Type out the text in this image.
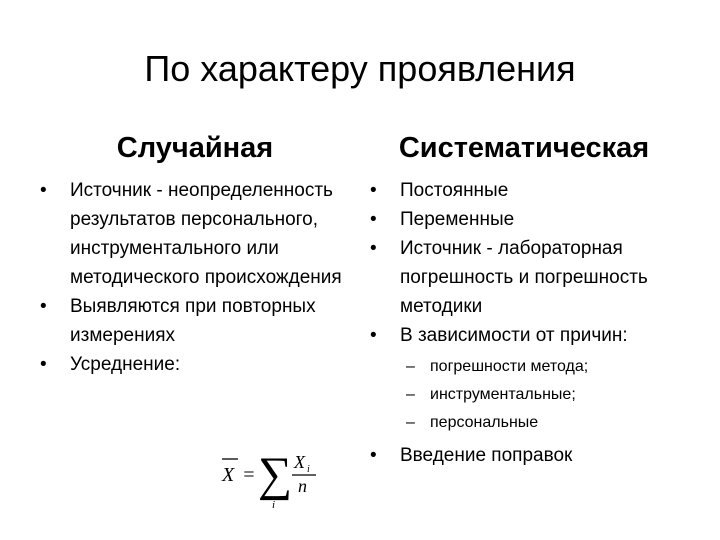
По характеру проявления
Случайная	Систематическая
• Источник - неопределенность результатов персонального, инструментального или методического происхождения
• Выявляются при повторных измерениях
• Усреднение:
X = ∑
i
X i
n
• Постоянные
• Переменные
• Источник - лабораторная погрешность и погрешность методики
• В зависимости от причин:
– погрешности метода;
– инструментальные;
– персональные
• Введение поправок
